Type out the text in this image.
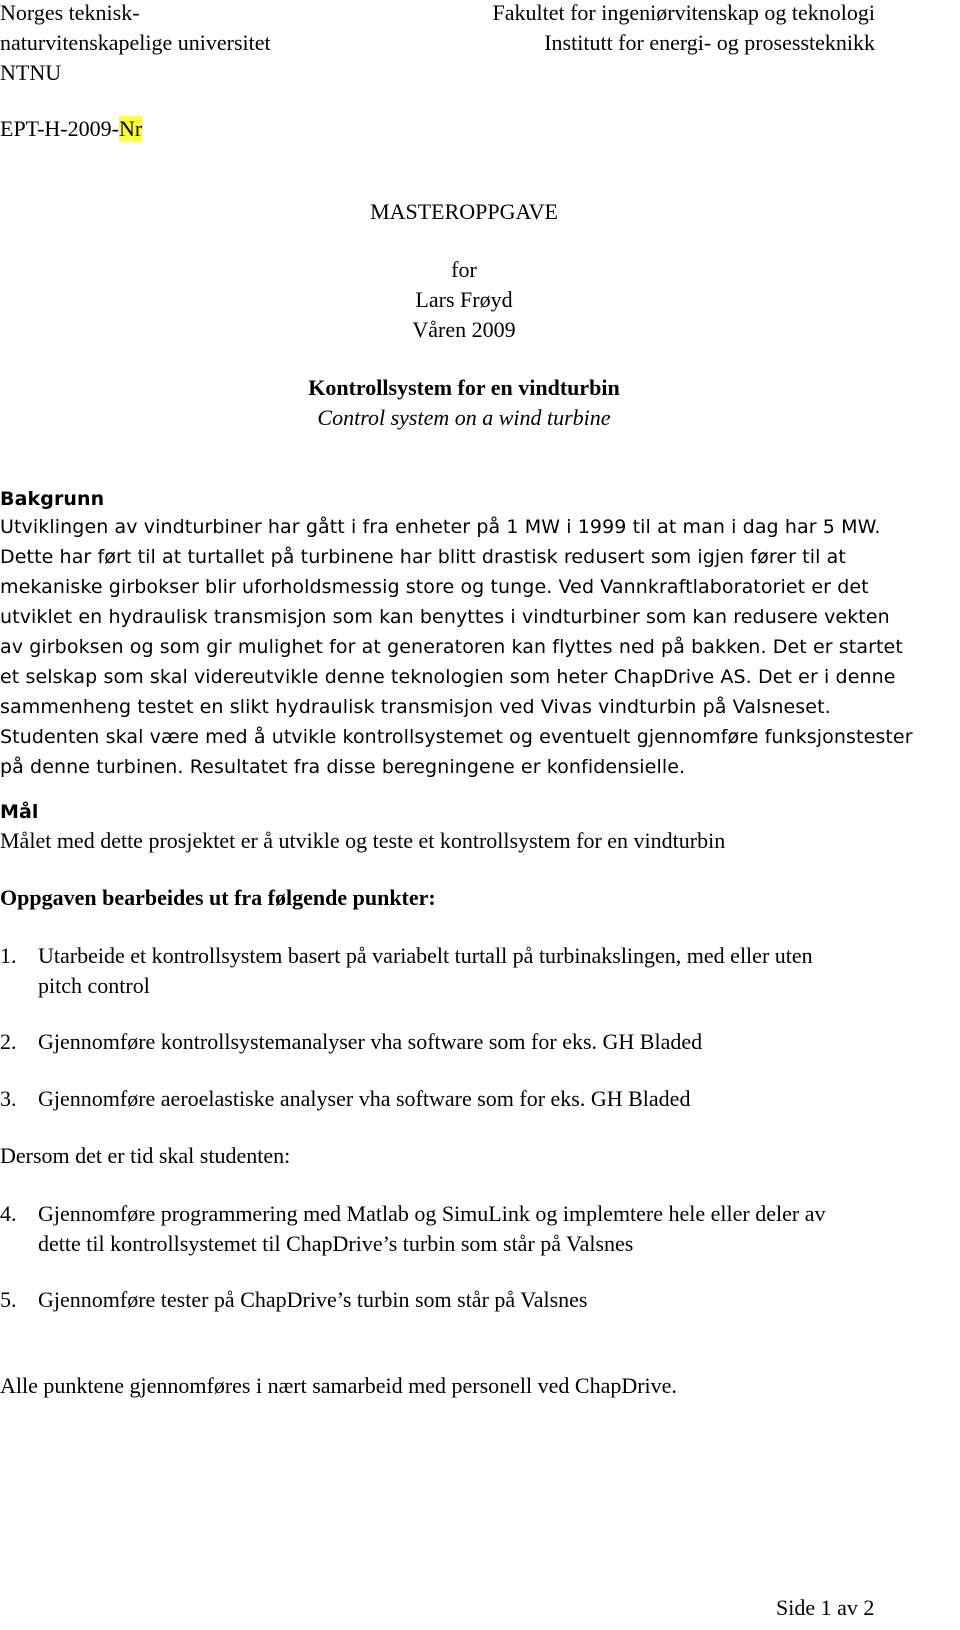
Norges teknisk-
naturvitenskapelige universitet
NTNU
Fakultet for ingeniørvitenskap og teknologi
Institutt for energi- og prosessteknikk
EPT-H-2009-Nr
MASTEROPPGAVE
for
Lars Frøyd
Våren 2009
Kontrollsystem for en vindturbin
Control system on a wind turbine
Bakgrunn
Utviklingen av vindturbiner har gått i fra enheter på 1 MW i 1999 til at man i dag har 5 MW.
Dette har ført til at turtallet på turbinene har blitt drastisk redusert som igjen fører til at
mekaniske girbokser blir uforholdsmessig store og tunge. Ved Vannkraftlaboratoriet er det
utviklet en hydraulisk transmisjon som kan benyttes i vindturbiner som kan redusere vekten
av girboksen og som gir mulighet for at generatoren kan flyttes ned på bakken. Det er startet
et selskap som skal videreutvikle denne teknologien som heter ChapDrive AS. Det er i denne
sammenheng testet en slikt hydraulisk transmisjon ved Vivas vindturbin på Valsneset.
Studenten skal være med å utvikle kontrollsystemet og eventuelt gjennomføre funksjonstester
på denne turbinen. Resultatet fra disse beregningene er konfidensielle.
Mål
Målet med dette prosjektet er å utvikle og teste et kontrollsystem for en vindturbin
Oppgaven bearbeides ut fra følgende punkter:
1. Utarbeide et kontrollsystem basert på variabelt turtall på turbinakslingen, med eller uten
pitch control
2. Gjennomføre kontrollsystemanalyser vha software som for eks. GH Bladed
3. Gjennomføre aeroelastiske analyser vha software som for eks. GH Bladed
Dersom det er tid skal studenten:
4. Gjennomføre programmering med Matlab og SimuLink og implemtere hele eller deler av
dette til kontrollsystemet til ChapDrive’s turbin som står på Valsnes
5. Gjennomføre tester på ChapDrive’s turbin som står på Valsnes
Alle punktene gjennomføres i nært samarbeid med personell ved ChapDrive.
Side 1 av 2
